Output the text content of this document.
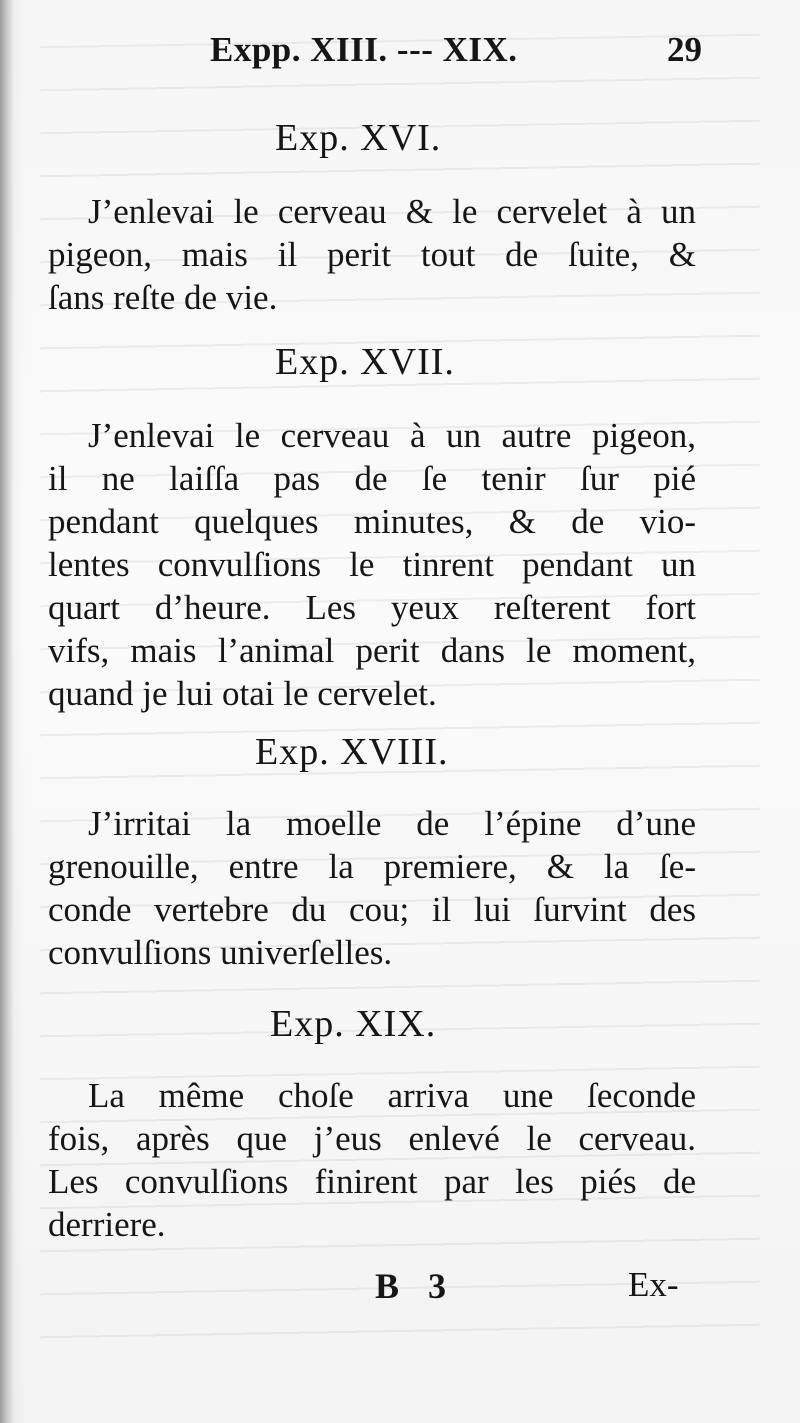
Expp. XIII. --- XIX.	29
Exp. XVI.
J’enlevai le cerveau & le cervelet à un
pigeon, mais il perit tout de ſuite, &
ſans reſte de vie.
Exp. XVII.
J’enlevai le cerveau à un autre pigeon,
il ne laiſſa pas de ſe tenir ſur pié
pendant quelques minutes, & de vio-
lentes convulſions le tinrent pendant un
quart d’heure. Les yeux reſterent fort
vifs, mais l’animal perit dans le moment,
quand je lui otai le cervelet.
Exp. XVIII.
J’irritai la moelle de l’épine d’une
grenouille, entre la premiere, & la ſe-
conde vertebre du cou; il lui ſurvint des
convulſions univerſelles.
Exp. XIX.
La même choſe arriva une ſeconde
fois, après que j’eus enlevé le cerveau.
Les convulſions finirent par les piés de
derriere.
B 3	Ex-
